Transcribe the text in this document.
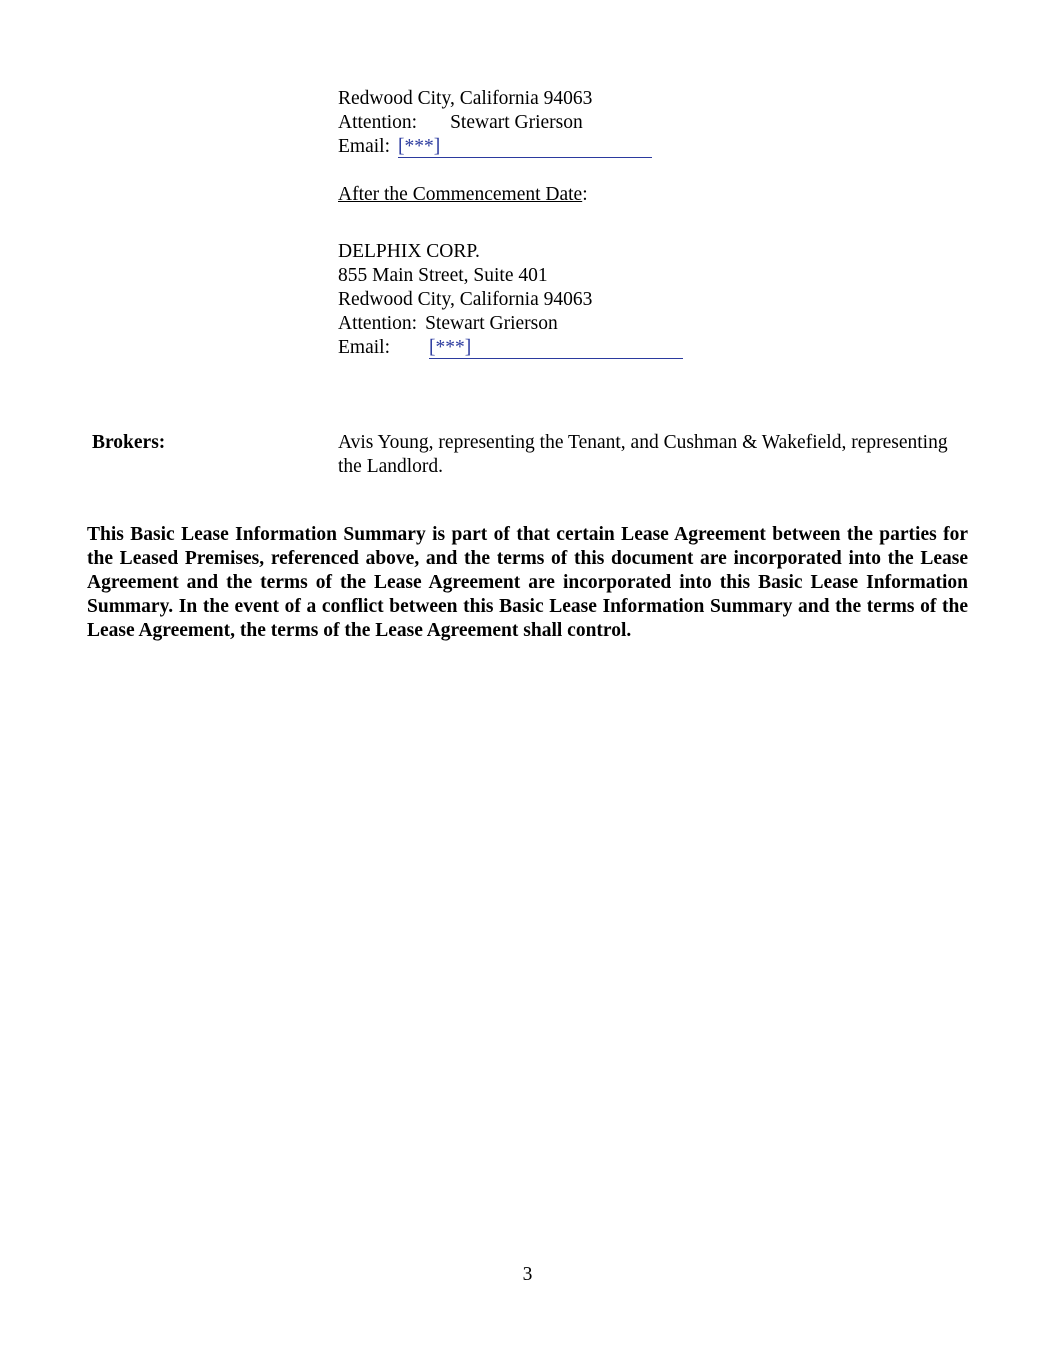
Redwood City, California 94063
Attention: Stewart Grierson
Email: [***]
After the Commencement Date:
DELPHIX CORP.
855 Main Street, Suite 401
Redwood City, California 94063
Attention: Stewart Grierson
Email: [***]
Brokers:	Avis Young, representing the Tenant, and Cushman & Wakefield, representing the Landlord.
This Basic Lease Information Summary is part of that certain Lease Agreement between the parties for the Leased Premises, referenced above, and the terms of this document are incorporated into the Lease Agreement and the terms of the Lease Agreement are incorporated into this Basic Lease Information Summary. In the event of a conflict between this Basic Lease Information Summary and the terms of the Lease Agreement, the terms of the Lease Agreement shall control.
3
